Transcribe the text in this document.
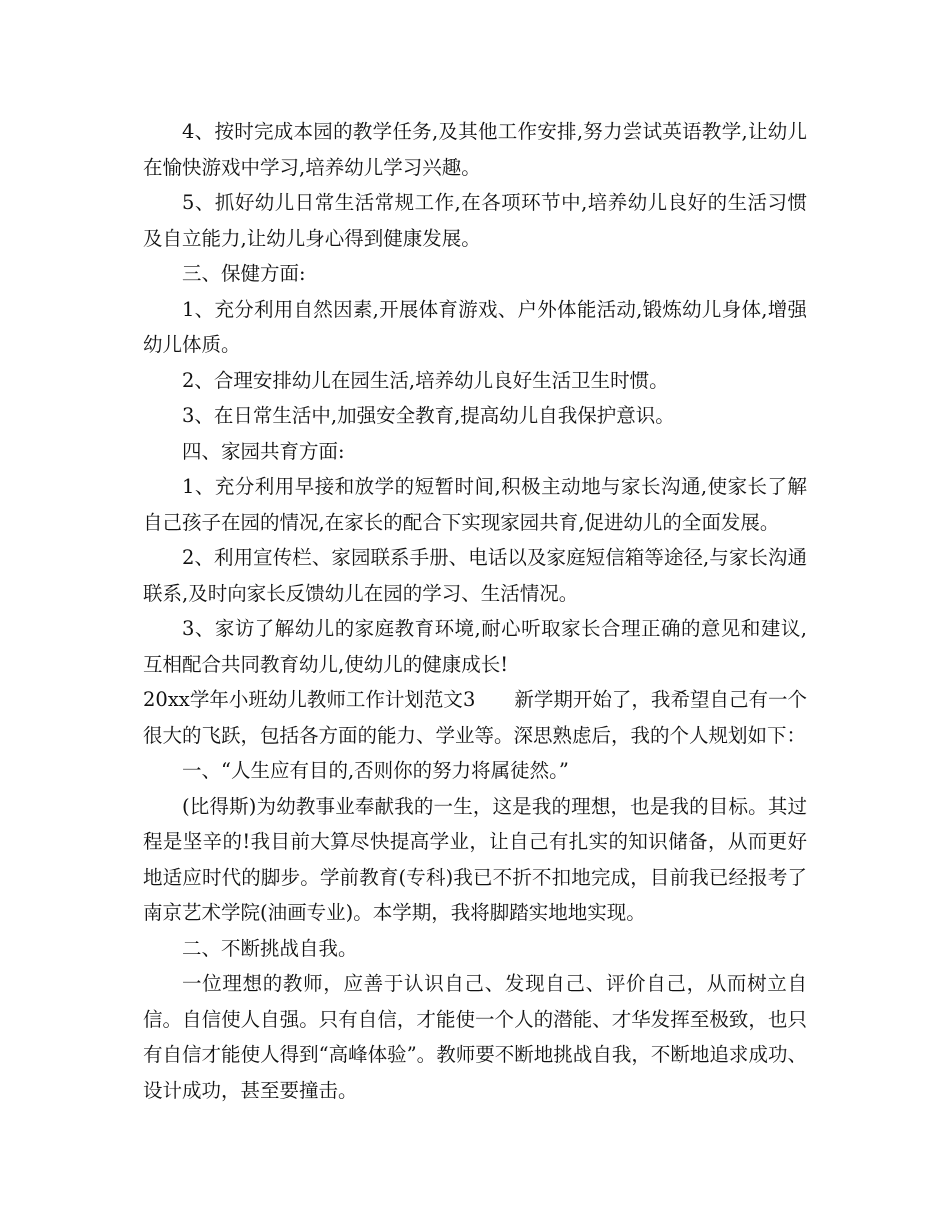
4、按时完成本园的教学任务,及其他工作安排,努力尝试英语教学,让幼儿在愉快游戏中学习,培养幼儿学习兴趣。

5、抓好幼儿日常生活常规工作,在各项环节中,培养幼儿良好的生活习惯及自立能力,让幼儿身心得到健康发展。

三、保健方面:

1、充分利用自然因素,开展体育游戏、户外体能活动,锻炼幼儿身体,增强幼儿体质。

2、合理安排幼儿在园生活,培养幼儿良好生活卫生时惯。

3、在日常生活中,加强安全教育,提高幼儿自我保护意识。

四、家园共育方面:

1、充分利用早接和放学的短暂时间,积极主动地与家长沟通,使家长了解自己孩子在园的情况,在家长的配合下实现家园共育,促进幼儿的全面发展。

2、利用宣传栏、家园联系手册、电话以及家庭短信箱等途径,与家长沟通联系,及时向家长反馈幼儿在园的学习、生活情况。

3、家访了解幼儿的家庭教育环境,耐心听取家长合理正确的意见和建议,互相配合共同教育幼儿,使幼儿的健康成长!

20xx学年小班幼儿教师工作计划范文3　　新学期开始了，我希望自己有一个很大的飞跃，包括各方面的能力、学业等。深思熟虑后，我的个人规划如下：

一、“人生应有目的,否则你的努力将属徒然。”

(比得斯)为幼教事业奉献我的一生，这是我的理想，也是我的目标。其过程是坚辛的!我目前大算尽快提高学业，让自己有扎实的知识储备，从而更好地适应时代的脚步。学前教育(专科)我已不折不扣地完成，目前我已经报考了南京艺术学院(油画专业)。本学期，我将脚踏实地地实现。

二、不断挑战自我。

一位理想的教师，应善于认识自己、发现自己、评价自己，从而树立自信。自信使人自强。只有自信，才能使一个人的潜能、才华发挥至极致，也只有自信才能使人得到“高峰体验”。教师要不断地挑战自我，不断地追求成功、设计成功，甚至要撞击。
